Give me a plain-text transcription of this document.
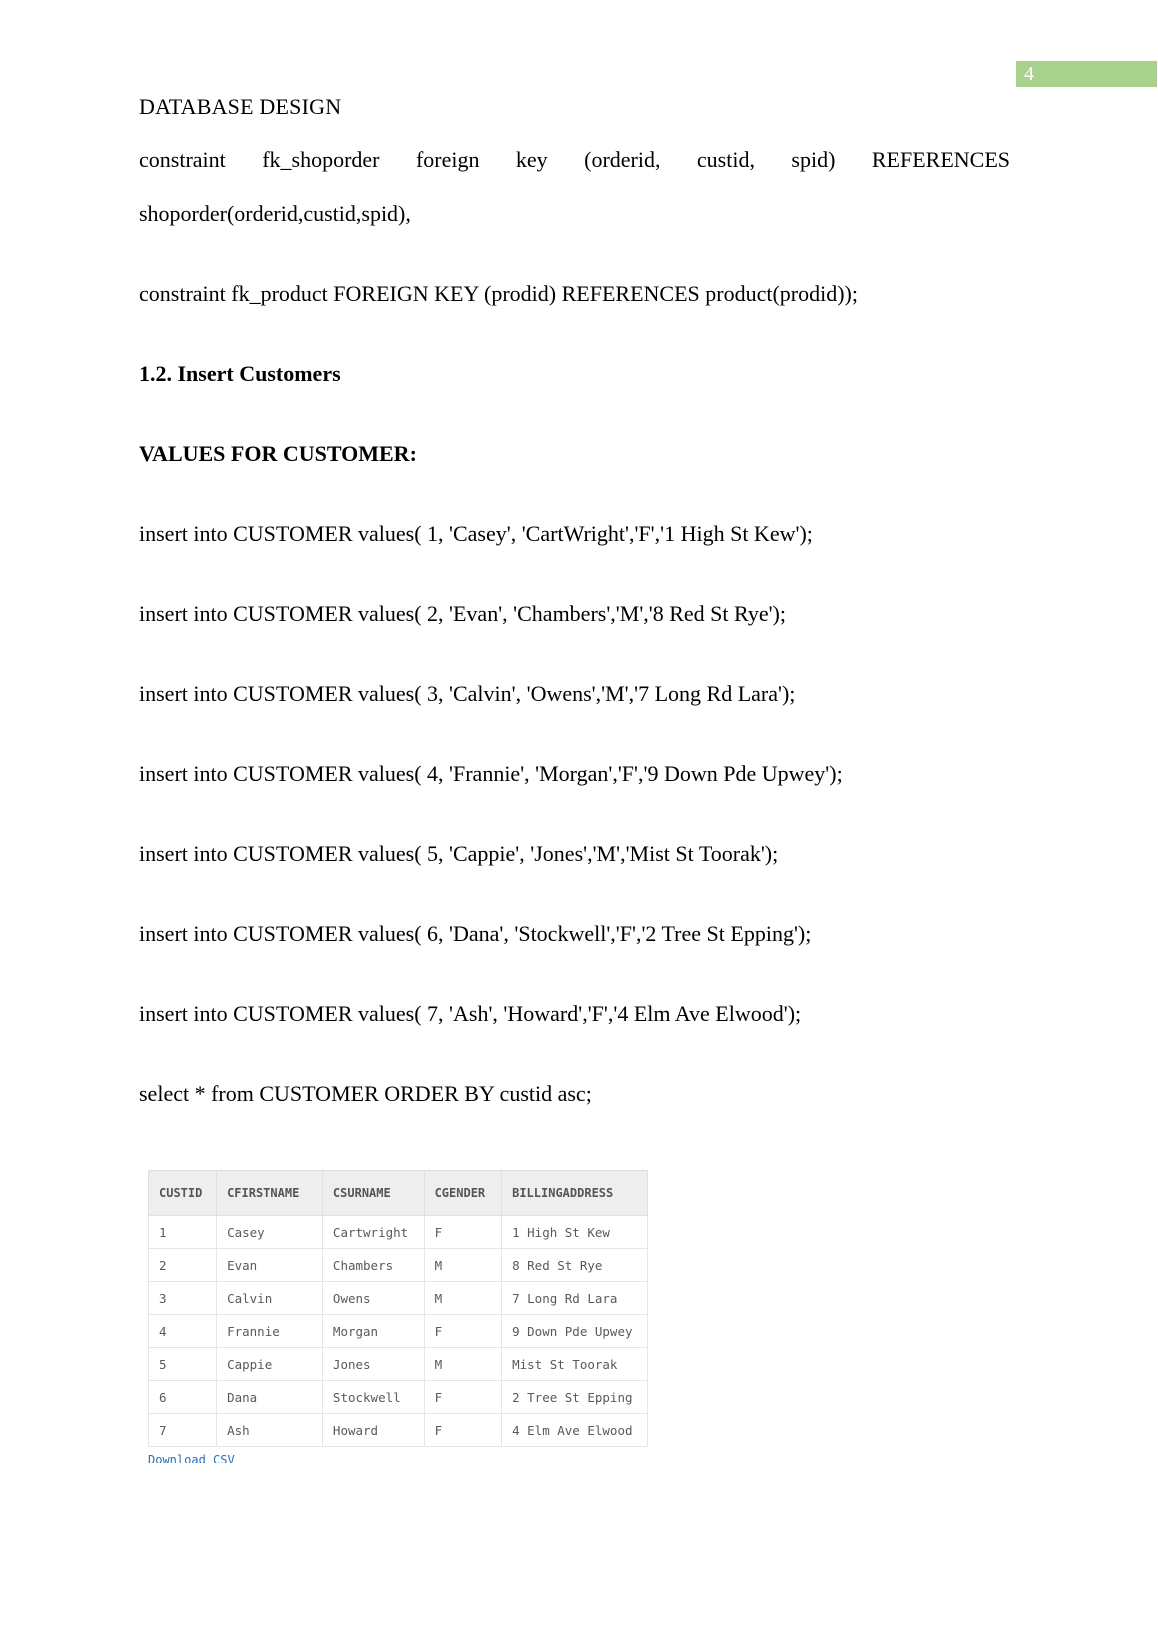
4
DATABASE DESIGN
constraint fk_shoporder foreign key (orderid, custid, spid) REFERENCES
shoporder(orderid,custid,spid),
constraint fk_product FOREIGN KEY (prodid) REFERENCES product(prodid));
1.2. Insert Customers
VALUES FOR CUSTOMER:
insert into CUSTOMER values( 1, 'Casey', 'CartWright','F','1 High St Kew');
insert into CUSTOMER values( 2, 'Evan', 'Chambers','M','8 Red St Rye');
insert into CUSTOMER values( 3, 'Calvin', 'Owens','M','7 Long Rd Lara');
insert into CUSTOMER values( 4, 'Frannie', 'Morgan','F','9 Down Pde Upwey');
insert into CUSTOMER values( 5, 'Cappie', 'Jones','M','Mist St Toorak');
insert into CUSTOMER values( 6, 'Dana', 'Stockwell','F','2 Tree St Epping');
insert into CUSTOMER values( 7, 'Ash', 'Howard','F','4 Elm Ave Elwood');
select * from CUSTOMER ORDER BY custid asc;
CUSTID	CFIRSTNAME	CSURNAME	CGENDER	BILLINGADDRESS
1	Casey	Cartwright	F	1 High St Kew
2	Evan	Chambers	M	8 Red St Rye
3	Calvin	Owens	M	7 Long Rd Lara
4	Frannie	Morgan	F	9 Down Pde Upwey
5	Cappie	Jones	M	Mist St Toorak
6	Dana	Stockwell	F	2 Tree St Epping
7	Ash	Howard	F	4 Elm Ave Elwood
Download CSV
